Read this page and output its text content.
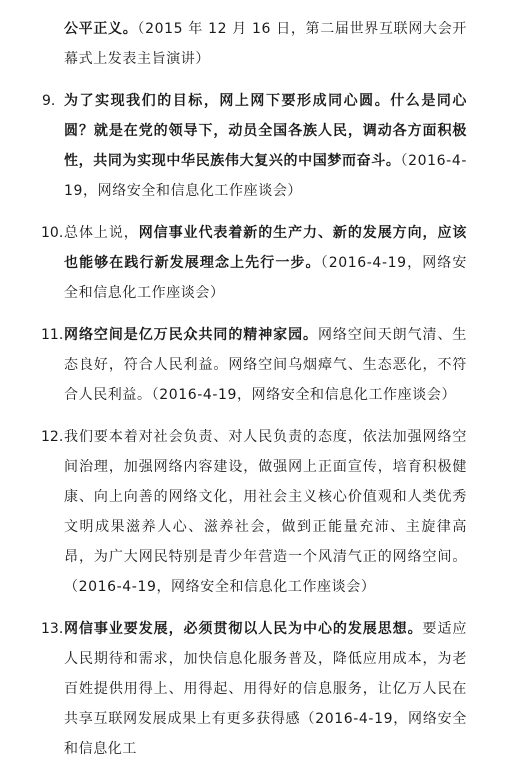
公平正义。（2015 年 12 月 16 日，第二届世界互联网大会开幕式上发表主旨演讲）
9. 为了实现我们的目标，网上网下要形成同心圆。什么是同心圆？就是在党的领导下，动员全国各族人民，调动各方面积极性，共同为实现中华民族伟大复兴的中国梦而奋斗。（2016-4-19，网络安全和信息化工作座谈会）
10. 总体上说，网信事业代表着新的生产力、新的发展方向，应该也能够在践行新发展理念上先行一步。（2016-4-19，网络安全和信息化工作座谈会）
11. 网络空间是亿万民众共同的精神家园。网络空间天朗气清、生态良好，符合人民利益。网络空间乌烟瘴气、生态恶化，不符合人民利益。（2016-4-19，网络安全和信息化工作座谈会）
12. 我们要本着对社会负责、对人民负责的态度，依法加强网络空间治理，加强网络内容建设，做强网上正面宣传，培育积极健康、向上向善的网络文化，用社会主义核心价值观和人类优秀文明成果滋养人心、滋养社会，做到正能量充沛、主旋律高昂，为广大网民特别是青少年营造一个风清气正的网络空间。（2016-4-19，网络安全和信息化工作座谈会）
13. 网信事业要发展，必须贯彻以人民为中心的发展思想。要适应人民期待和需求，加快信息化服务普及，降低应用成本，为老百姓提供用得上、用得起、用得好的信息服务，让亿万人民在共享互联网发展成果上有更多获得感（2016-4-19，网络安全和信息化工
